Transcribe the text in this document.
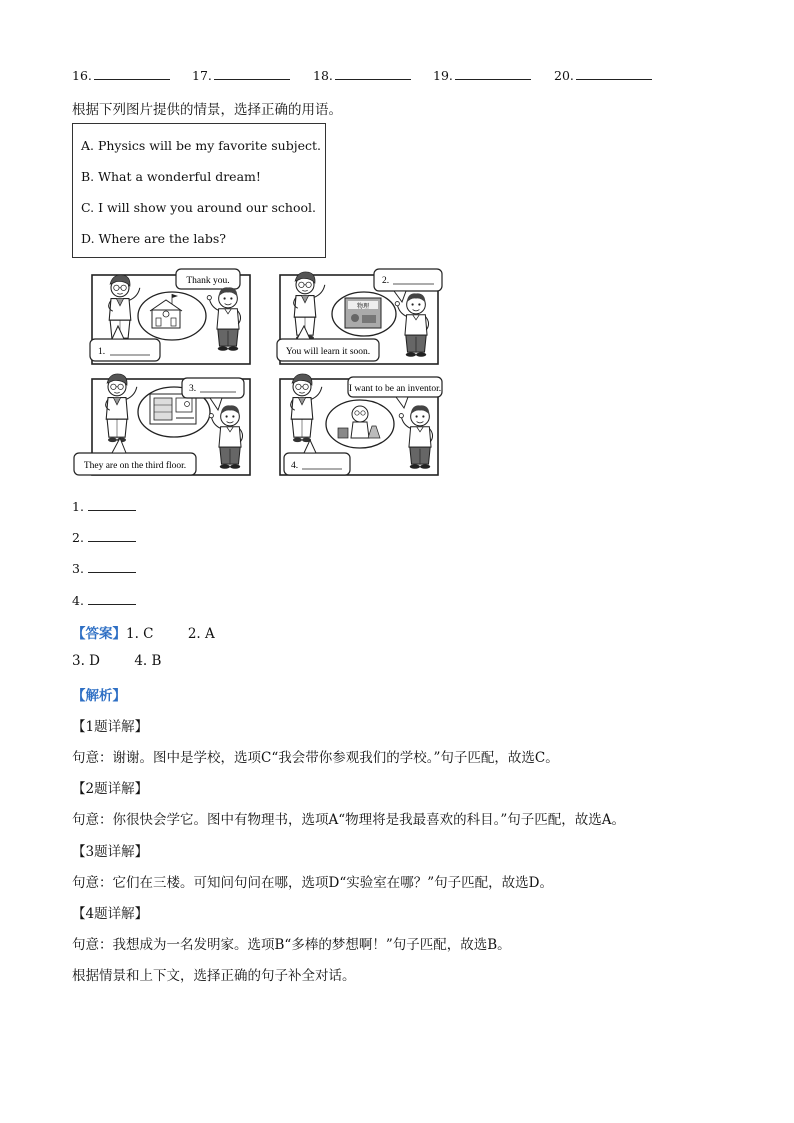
16.	17.	18.	19.	20.
根据下列图片提供的情景，选择正确的用语。
A. Physics will be my favorite subject.
B. What a wonderful dream!
C. I will show you around our school.
D. Where are the labs?
Thank you.
1.
物理
2.
You will learn it soon.
3.
They are on the third floor.
I want to be an inventor.
4.
1.
2.
3.
4.
【答案】1. C        2. A
3. D        4. B
【解析】
【1题详解】
句意：谢谢。图中是学校，选项C“我会带你参观我们的学校。”句子匹配，故选C。
【2题详解】
句意：你很快会学它。图中有物理书，选项A“物理将是我最喜欢的科目。”句子匹配，故选A。
【3题详解】
句意：它们在三楼。可知问句问在哪，选项D“实验室在哪？”句子匹配，故选D。
【4题详解】
句意：我想成为一名发明家。选项B“多棒的梦想啊！”句子匹配，故选B。
根据情景和上下文，选择正确的句子补全对话。
